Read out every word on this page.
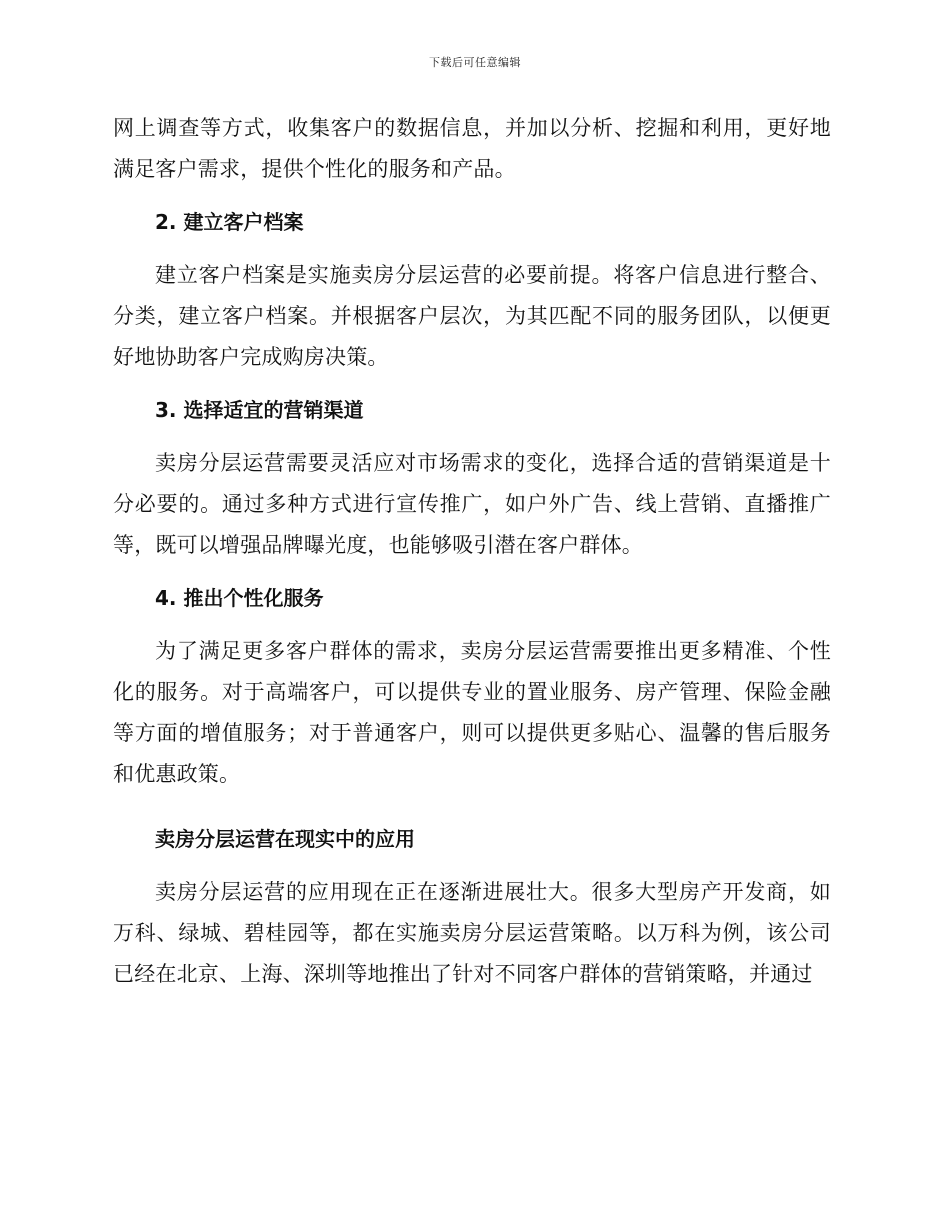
下载后可任意编辑

网上调查等方式，收集客户的数据信息，并加以分析、挖掘和利用，更好地满足客户需求，提供个性化的服务和产品。

2. 建立客户档案

建立客户档案是实施卖房分层运营的必要前提。将客户信息进行整合、分类，建立客户档案。并根据客户层次，为其匹配不同的服务团队，以便更好地协助客户完成购房决策。

3. 选择适宜的营销渠道

卖房分层运营需要灵活应对市场需求的变化，选择合适的营销渠道是十分必要的。通过多种方式进行宣传推广，如户外广告、线上营销、直播推广等，既可以增强品牌曝光度，也能够吸引潜在客户群体。

4. 推出个性化服务

为了满足更多客户群体的需求，卖房分层运营需要推出更多精准、个性化的服务。对于高端客户，可以提供专业的置业服务、房产管理、保险金融等方面的增值服务；对于普通客户，则可以提供更多贴心、温馨的售后服务和优惠政策。

卖房分层运营在现实中的应用

卖房分层运营的应用现在正在逐渐进展壮大。很多大型房产开发商，如万科、绿城、碧桂园等，都在实施卖房分层运营策略。以万科为例，该公司已经在北京、上海、深圳等地推出了针对不同客户群体的营销策略，并通过
